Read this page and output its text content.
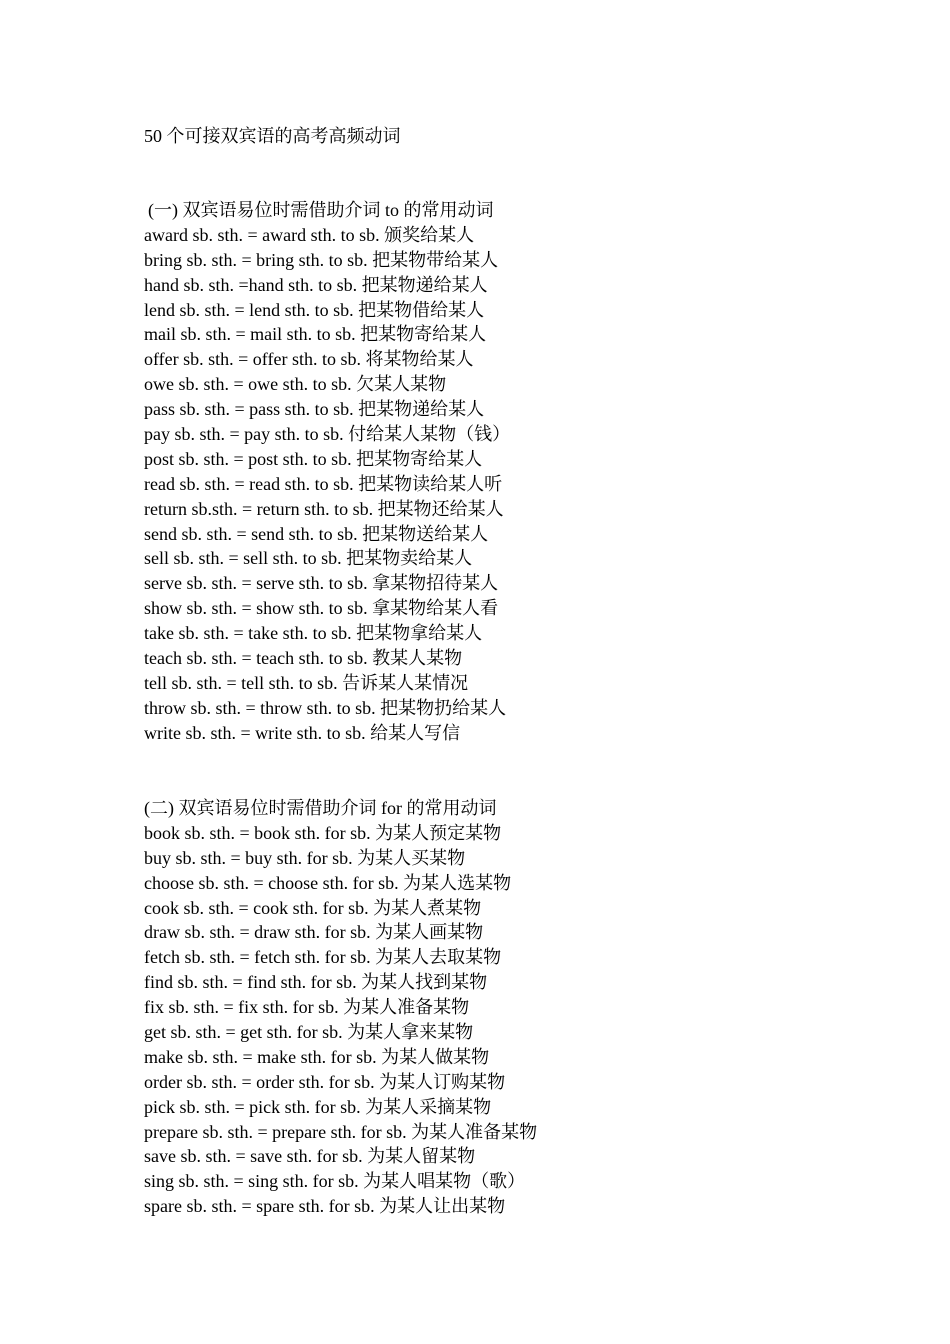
50 个可接双宾语的高考高频动词
(一) 双宾语易位时需借助介词 to 的常用动词
award sb. sth. = award sth. to sb. 颁奖给某人
bring sb. sth. = bring sth. to sb. 把某物带给某人
hand sb. sth. =hand sth. to sb. 把某物递给某人
lend sb. sth. = lend sth. to sb. 把某物借给某人
mail sb. sth. = mail sth. to sb. 把某物寄给某人
offer sb. sth. = offer sth. to sb. 将某物给某人
owe sb. sth. = owe sth. to sb. 欠某人某物
pass sb. sth. = pass sth. to sb. 把某物递给某人
pay sb. sth. = pay sth. to sb. 付给某人某物（钱）
post sb. sth. = post sth. to sb. 把某物寄给某人
read sb. sth. = read sth. to sb. 把某物读给某人听
return sb.sth. = return sth. to sb. 把某物还给某人
send sb. sth. = send sth. to sb. 把某物送给某人
sell sb. sth. = sell sth. to sb. 把某物卖给某人
serve sb. sth. = serve sth. to sb. 拿某物招待某人
show sb. sth. = show sth. to sb. 拿某物给某人看
take sb. sth. = take sth. to sb. 把某物拿给某人
teach sb. sth. = teach sth. to sb. 教某人某物
tell sb. sth. = tell sth. to sb. 告诉某人某情况
throw sb. sth. = throw sth. to sb. 把某物扔给某人
write sb. sth. = write sth. to sb. 给某人写信
(二) 双宾语易位时需借助介词 for 的常用动词
book sb. sth. = book sth. for sb. 为某人预定某物
buy sb. sth. = buy sth. for sb. 为某人买某物
choose sb. sth. = choose sth. for sb. 为某人选某物
cook sb. sth. = cook sth. for sb. 为某人煮某物
draw sb. sth. = draw sth. for sb. 为某人画某物
fetch sb. sth. = fetch sth. for sb. 为某人去取某物
find sb. sth. = find sth. for sb. 为某人找到某物
fix sb. sth. = fix sth. for sb. 为某人准备某物
get sb. sth. = get sth. for sb. 为某人拿来某物
make sb. sth. = make sth. for sb. 为某人做某物
order sb. sth. = order sth. for sb. 为某人订购某物
pick sb. sth. = pick sth. for sb. 为某人采摘某物
prepare sb. sth. = prepare sth. for sb. 为某人准备某物
save sb. sth. = save sth. for sb. 为某人留某物
sing sb. sth. = sing sth. for sb. 为某人唱某物（歌）
spare sb. sth. = spare sth. for sb. 为某人让出某物
